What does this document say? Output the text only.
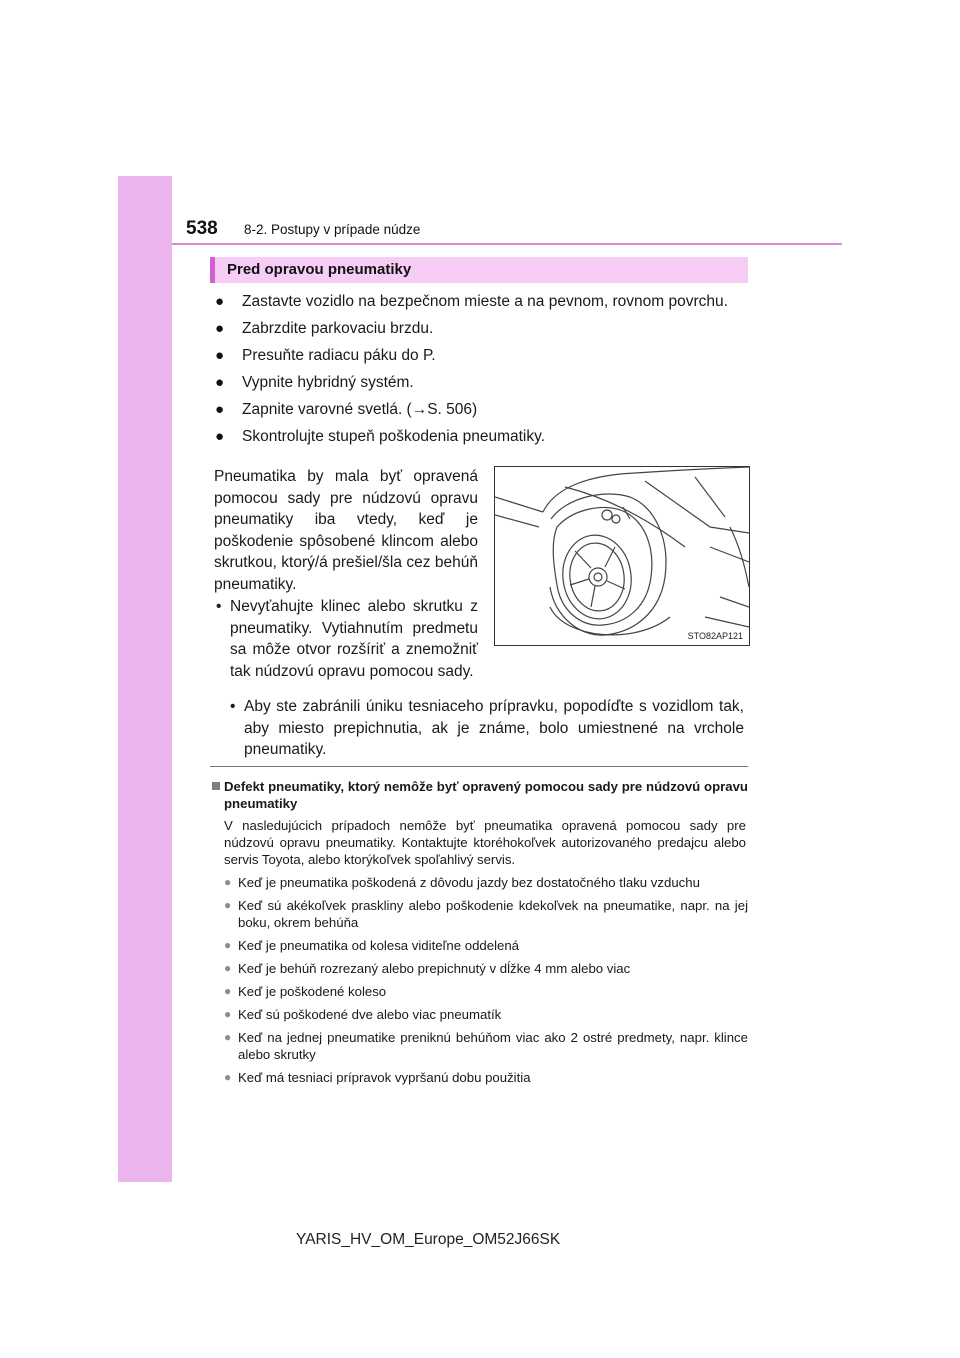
538 8-2. Postupy v prípade núdze
Pred opravou pneumatiky
● Zastavte vozidlo na bezpečnom mieste a na pevnom, rovnom povrchu.
● Zabrzdite parkovaciu brzdu.
● Presuňte radiacu páku do P.
● Vypnite hybridný systém.
● Zapnite varovné svetlá. (→S. 506)
● Skontrolujte stupeň poškodenia pneumatiky.
Pneumatika by mala byť opravená pomocou sady pre núdzovú opravu pneumatiky iba vtedy, keď je poškodenie spôsobené klincom alebo skrutkou, ktorý/á prešiel/šla cez behúň pneumatiky.
• Nevyťahujte klinec alebo skrutku z pneumatiky. Vytiahnutím predmetu sa môže otvor rozšíriť a znemožniť tak núdzovú opravu pomocou sady.
• Aby ste zabránili úniku tesniaceho prípravku, popodíďte s vozidlom tak, aby miesto prepichnutia, ak je známe, bolo umiestnené na vrchole pneumatiky.
STO82AP121
Defekt pneumatiky, ktorý nemôže byť opravený pomocou sady pre núdzovú opravu pneumatiky
V nasledujúcich prípadoch nemôže byť pneumatika opravená pomocou sady pre núdzovú opravu pneumatiky. Kontaktujte ktoréhokoľvek autorizovaného predajcu alebo servis Toyota, alebo ktorýkoľvek spoľahlivý servis.
● Keď je pneumatika poškodená z dôvodu jazdy bez dostatočného tlaku vzduchu
● Keď sú akékoľvek praskliny alebo poškodenie kdekoľvek na pneumatike, napr. na jej boku, okrem behúňa
● Keď je pneumatika od kolesa viditeľne oddelená
● Keď je behúň rozrezaný alebo prepichnutý v dĺžke 4 mm alebo viac
● Keď je poškodené koleso
● Keď sú poškodené dve alebo viac pneumatík
● Keď na jednej pneumatike preniknú behúňom viac ako 2 ostré predmety, napr. klince alebo skrutky
● Keď má tesniaci prípravok vypršanú dobu použitia
YARIS_HV_OM_Europe_OM52J66SK
